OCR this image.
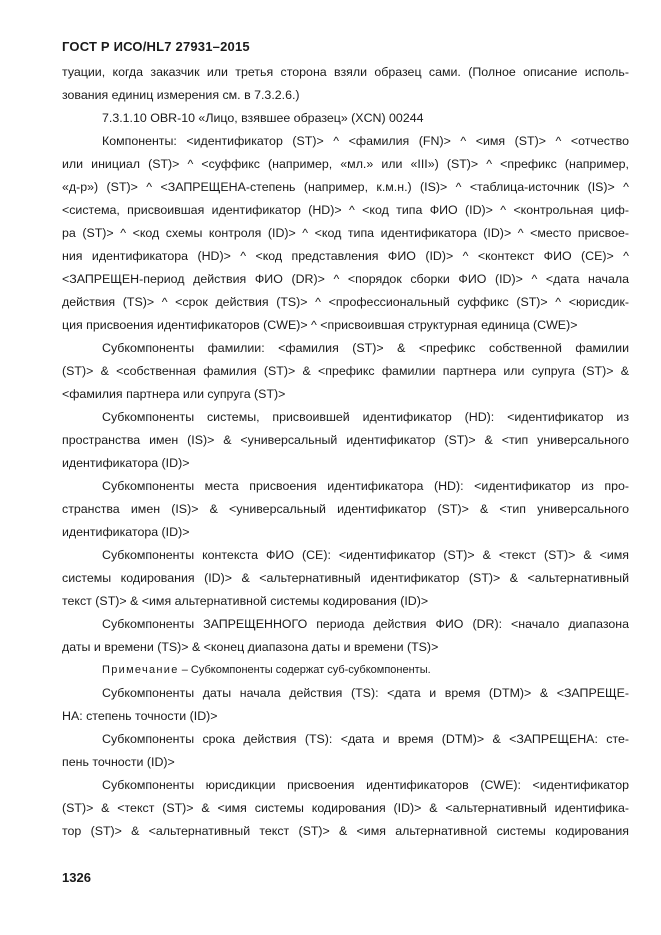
ГОСТ Р ИСО/HL7 27931–2015
туации, когда заказчик или третья сторона взяли образец сами. (Полное описание исполь-
зования единиц измерения см. в 7.3.2.6.)
7.3.1.10 OBR-10 «Лицо, взявшее образец» (XCN) 00244
Компоненты: <идентификатор (ST)> ^ <фамилия (FN)> ^ <имя (ST)> ^ <отчество
или инициал (ST)> ^ <суффикс (например, «мл.» или «III») (ST)> ^ <префикс (например,
«д-р») (ST)> ^ <ЗАПРЕЩЕНА-степень (например, к.м.н.) (IS)> ^ <таблица-источник (IS)> ^
<система, присвоившая идентификатор (HD)> ^ <код типа ФИО (ID)> ^ <контрольная циф-
ра (ST)> ^ <код схемы контроля (ID)> ^ <код типа идентификатора (ID)> ^ <место присвое-
ния идентификатора (HD)> ^ <код представления ФИО (ID)> ^ <контекст ФИО (CE)> ^
<ЗАПРЕЩЕН-период действия ФИО (DR)> ^ <порядок сборки ФИО (ID)> ^ <дата начала
действия (TS)> ^ <срок действия (TS)> ^ <профессиональный суффикс (ST)> ^ <юрисдик-
ция присвоения идентификаторов (CWE)> ^ <присвоившая структурная единица (CWE)>
Субкомпоненты фамилии: <фамилия (ST)> & <префикс собственной фамилии
(ST)> & <собственная фамилия (ST)> & <префикс фамилии партнера или супруга (ST)> &
<фамилия партнера или супруга (ST)>
Субкомпоненты системы, присвоившей идентификатор (HD): <идентификатор из
пространства имен (IS)> & <универсальный идентификатор (ST)> & <тип универсального
идентификатора (ID)>
Субкомпоненты места присвоения идентификатора (HD): <идентификатор из про-
странства имен (IS)> & <универсальный идентификатор (ST)> & <тип универсального
идентификатора (ID)>
Субкомпоненты контекста ФИО (CE): <идентификатор (ST)> & <текст (ST)> & <имя
системы кодирования (ID)> & <альтернативный идентификатор (ST)> & <альтернативный
текст (ST)> & <имя альтернативной системы кодирования (ID)>
Субкомпоненты ЗАПРЕЩЕННОГО периода действия ФИО (DR): <начало диапазона
даты и времени (TS)> & <конец диапазона даты и времени (TS)>
Примечание – Субкомпоненты содержат суб-субкомпоненты.
Субкомпоненты даты начала действия (TS): <дата и время (DTM)> & <ЗАПРЕЩЕ-
НА: степень точности (ID)>
Субкомпоненты срока действия (TS): <дата и время (DTM)> & <ЗАПРЕЩЕНА: сте-
пень точности (ID)>
Субкомпоненты юрисдикции присвоения идентификаторов (CWE): <идентификатор
(ST)> & <текст (ST)> & <имя системы кодирования (ID)> & <альтернативный идентифика-
тор (ST)> & <альтернативный текст (ST)> & <имя альтернативной системы кодирования
1326
